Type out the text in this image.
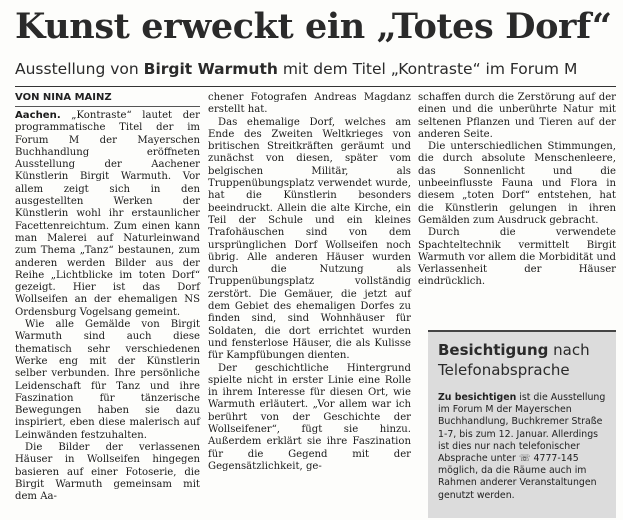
Kunst erweckt ein „Totes Dorf“
Ausstellung von Birgit Warmuth mit dem Titel „Kontraste“ im Forum M
VON NINA MAINZ

Aachen. „Kontraste“ lautet der programmatische Titel der im Forum M der Mayerschen Buchhandlung eröffneten Ausstellung der Aachener Künstlerin Birgit Warmuth. Vor allem zeigt sich in den ausgestellten Werken der Künstlerin wohl ihr erstaunlicher Facettenreichtum. Zum einen kann man Malerei auf Naturleinwand zum Thema „Tanz“ bestaunen, zum anderen werden Bilder aus der Reihe „Lichtblicke im toten Dorf“ gezeigt. Hier ist das Dorf Wollseifen an der ehemaligen NS Ordensburg Vogelsang gemeint.

Wie alle Gemälde von Birgit Warmuth sind auch diese thematisch sehr verschiedenen Werke eng mit der Künstlerin selber verbunden. Ihre persönliche Leidenschaft für Tanz und ihre Faszination für tänzerische Bewegungen haben sie dazu inspiriert, eben diese malerisch auf Leinwänden festzuhalten.

Die Bilder der verlassenen Häuser in Wollseifen hingegen basieren auf einer Fotoserie, die Birgit Warmuth gemeinsam mit dem Aa-

chener Fotografen Andreas Magdanz erstellt hat.

Das ehemalige Dorf, welches am Ende des Zweiten Weltkrieges von britischen Streitkräften geräumt und zunächst von diesen, später vom belgischen Militär, als Truppenübungsplatz verwendet wurde, hat die Künstlerin besonders beeindruckt. Allein die alte Kirche, ein Teil der Schule und ein kleines Trafohäuschen sind von dem ursprünglichen Dorf Wollseifen noch übrig. Alle anderen Häuser wurden durch die Nutzung als Truppenübungsplatz vollständig zerstört. Die Gemäuer, die jetzt auf dem Gebiet des ehemaligen Dorfes zu finden sind, sind Wohnhäuser für Soldaten, die dort errichtet wurden und fensterlose Häuser, die als Kulisse für Kampfübungen dienten.

Der geschichtliche Hintergrund spielte nicht in erster Linie eine Rolle in ihrem Interesse für diesen Ort, wie Warmuth erläutert. „Vor allem war ich berührt von der Geschichte der Wollseifener“, fügt sie hinzu. Außerdem erklärt sie ihre Faszination für die Gegend mit der Gegensätzlichkeit, ge-

schaffen durch die Zerstörung auf der einen und die unberührte Natur mit seltenen Pflanzen und Tieren auf der anderen Seite.

Die unterschiedlichen Stimmungen, die durch absolute Menschenleere, das Sonnenlicht und die unbeeinflusste Fauna und Flora in diesem „toten Dorf“ entstehen, hat die Künstlerin gelungen in ihren Gemälden zum Ausdruck gebracht.

Durch die verwendete Spachteltechnik vermittelt Birgit Warmuth vor allem die Morbidität und Verlassenheit der Häuser eindrücklich.

Besichtigung nach Telefonabsprache
Zu besichtigen ist die Ausstellung im Forum M der Mayerschen Buchhandlung, Buchkremer Straße 1-7, bis zum 12. Januar. Allerdings ist dies nur nach telefonischer Absprache unter ☏ 4777-145 möglich, da die Räume auch im Rahmen anderer Veranstaltungen genutzt werden.
